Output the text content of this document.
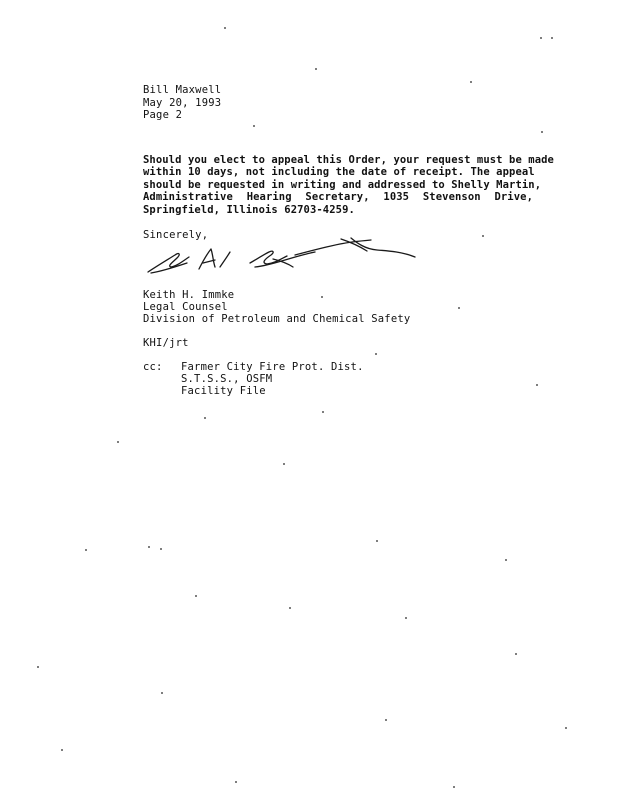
Bill Maxwell
May 20, 1993
Page 2
Should you elect to appeal this Order, your request must be made
within 10 days, not including the date of receipt. The appeal
should be requested in writing and addressed to Shelly Martin,
Administrative Hearing Secretary, 1035 Stevenson Drive,
Springfield, Illinois 62703-4259.
Sincerely,
Keith H. Immke
Legal Counsel
Division of Petroleum and Chemical Safety
KHI/jrt
cc: Farmer City Fire Prot. Dist.
S.T.S.S., OSFM
Facility File
